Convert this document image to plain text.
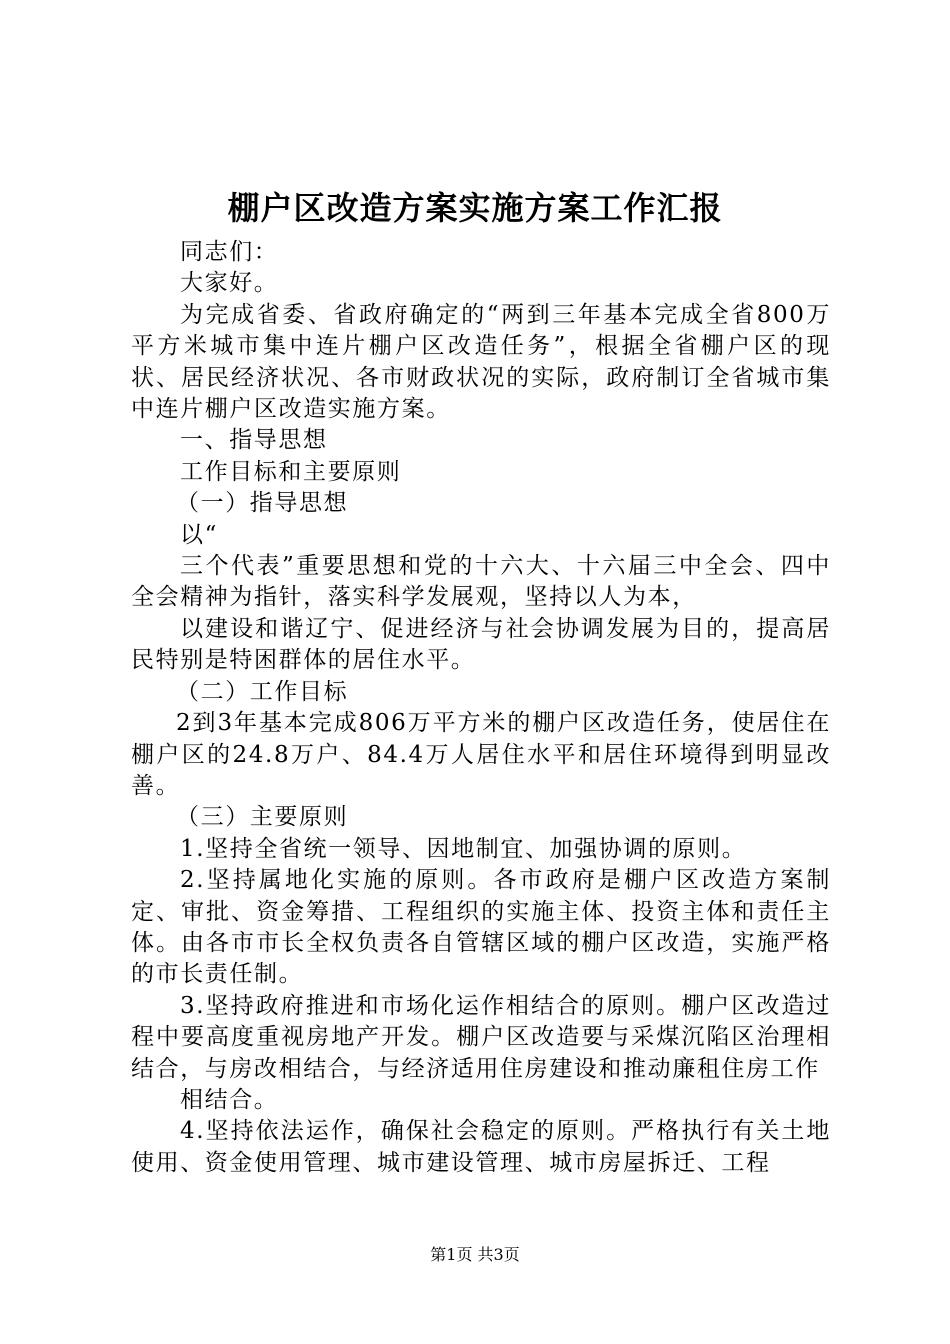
棚户区改造方案实施方案工作汇报

同志们：

大家好。

为完成省委、省政府确定的“两到三年基本完成全省800万平方米城市集中连片棚户区改造任务”，根据全省棚户区的现状、居民经济状况、各市财政状况的实际，政府制订全省城市集中连片棚户区改造实施方案。

一、指导思想

工作目标和主要原则

（一）指导思想

以“

三个代表”重要思想和党的十六大、十六届三中全会、四中全会精神为指针，落实科学发展观，坚持以人为本，

以建设和谐辽宁、促进经济与社会协调发展为目的，提高居民特别是特困群体的居住水平。

（二）工作目标

2到3年基本完成806万平方米的棚户区改造任务，使居住在棚户区的24.8万户、84.4万人居住水平和居住环境得到明显改善。

（三）主要原则

1.坚持全省统一领导、因地制宜、加强协调的原则。

2.坚持属地化实施的原则。各市政府是棚户区改造方案制定、审批、资金筹措、工程组织的实施主体、投资主体和责任主体。由各市市长全权负责各自管辖区域的棚户区改造，实施严格的市长责任制。

3.坚持政府推进和市场化运作相结合的原则。棚户区改造过程中要高度重视房地产开发。棚户区改造要与采煤沉陷区治理相结合，与房改相结合，与经济适用住房建设和推动廉租住房工作

相结合。

4.坚持依法运作，确保社会稳定的原则。严格执行有关土地使用、资金使用管理、城市建设管理、城市房屋拆迁、工程

第1页 共3页
